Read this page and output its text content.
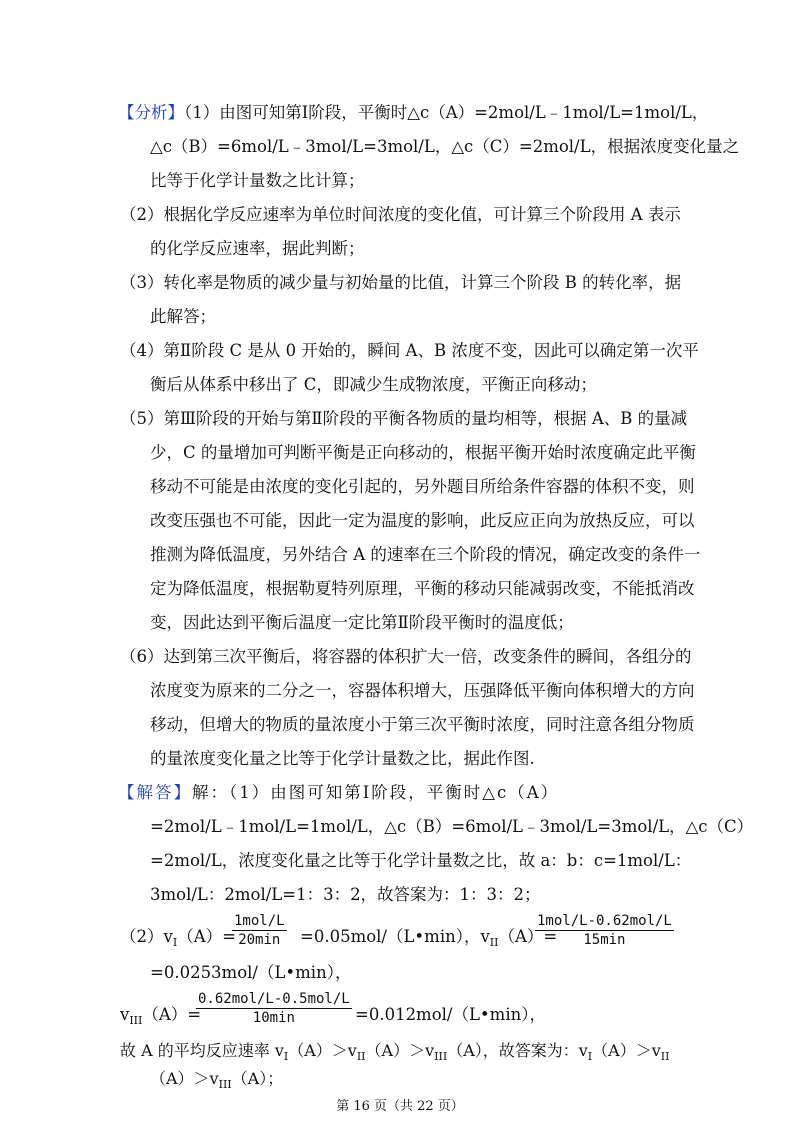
【分析】（1）由图可知第Ⅰ阶段，平衡时△c（A）=2mol/L﹣1mol/L=1mol/L，
△c（B）=6mol/L﹣3mol/L=3mol/L，△c（C）=2mol/L，根据浓度变化量之
比等于化学计量数之比计算；
（2）根据化学反应速率为单位时间浓度的变化值，可计算三个阶段用 A 表示
的化学反应速率，据此判断；
（3）转化率是物质的减少量与初始量的比值，计算三个阶段 B 的转化率，据
此解答；
（4）第Ⅱ阶段 C 是从 0 开始的，瞬间 A、B 浓度不变，因此可以确定第一次平
衡后从体系中移出了 C，即减少生成物浓度，平衡正向移动；
（5）第Ⅲ阶段的开始与第Ⅱ阶段的平衡各物质的量均相等，根据 A、B 的量减
少，C 的量增加可判断平衡是正向移动的，根据平衡开始时浓度确定此平衡
移动不可能是由浓度的变化引起的，另外题目所给条件容器的体积不变，则
改变压强也不可能，因此一定为温度的影响，此反应正向为放热反应，可以
推测为降低温度，另外结合 A 的速率在三个阶段的情况，确定改变的条件一
定为降低温度，根据勒夏特列原理，平衡的移动只能减弱改变，不能抵消改
变，因此达到平衡后温度一定比第Ⅱ阶段平衡时的温度低；
（6）达到第三次平衡后，将容器的体积扩大一倍，改变条件的瞬间，各组分的
浓度变为原来的二分之一，容器体积增大，压强降低平衡向体积增大的方向
移动，但增大的物质的量浓度小于第三次平衡时浓度，同时注意各组分物质
的量浓度变化量之比等于化学计量数之比，据此作图.
【解答】解：（1）由图可知第Ⅰ阶段，平衡时△c（A）
=2mol/L﹣1mol/L=1mol/L，△c（B）=6mol/L﹣3mol/L=3mol/L，△c（C）
=2mol/L，浓度变化量之比等于化学计量数之比，故 a：b：c=1mol/L：
3mol/L：2mol/L=1：3：2，故答案为：1：3：2；
$(2)v_I(A)=$
1mol/L
20min	=0.05mol/（L•min），$v_{II}(A)=$
1mol/L-0.62mol/L
15min
=0.0253mol/（L•min），
$v_{III}(A)=$
0.62mol/L-0.5mol/L
10min	=0.012mol/（L•min），
第 16 页（共 22 页）
故 A 的平均反应速率 $v_I(A)>v_{II}(A)>v_{III}(A)$，故答案为：$v_I(A)>v_{II}$
$(A)>v_{III}(A)$；
